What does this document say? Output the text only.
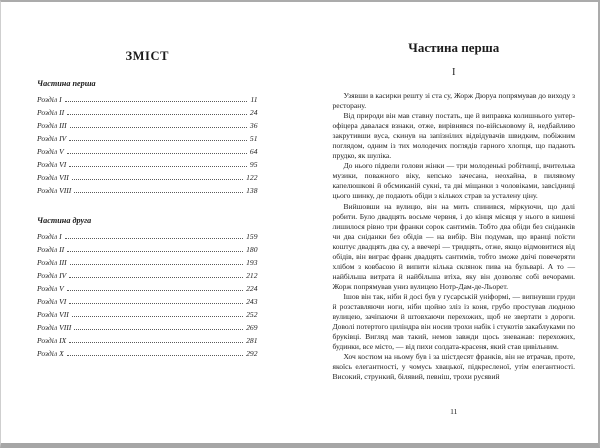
ЗМІСТ
Частина перша
Розділ I	11
Розділ II	24
Розділ III	36
Розділ IV	51
Розділ V	64
Розділ VI	95
Розділ VII	122
Розділ VIII	138
Частина друга
Розділ I	159
Розділ II	180
Розділ III	193
Розділ IV	212
Розділ V	224
Розділ VI	243
Розділ VII	252
Розділ VIII	269
Розділ IX	281
Розділ X	292
Частина перша
I

Узявши в касирки решту зі ста су, Жорж Дюруа попрямував до виходу з ресторану.

Від природи він мав ставну постать, ще й виправка колишнього унтер-офіцера давалася взнаки, отже, вирівнявся по-військовому й, недбайливо закрутивши вуса, скинув на запізнілих відвідувачів швидким, побіжним поглядом, одним із тих молодечих поглядів гарного хлопця, що падають прудко, як шуліка.

До нього підвели голови жінки — три молоденькі робітниці, вчителька музики, поважного віку, кепсько зачесана, неохайна, в пилявому капелюшкові й обсмиканій сукні, та дві міщанки з чоловіками, завсідниці цього шинку, де подають обіди з кількох страв за усталену ціну.

Вийшовши на вулицю, він на мить спинився, міркуючи, що далі робити. Було двадцять восьме червня, і до кінця місяця у нього в кишені лишилося рівно три франки сорок сантимів. Тобто два обіди без сніданків чи два сніданки без обідів — на вибір. Він подумав, що вранці поїсти коштує двадцять два су, а ввечері — тридцять, отже, якщо відмовитися від обідів, він виграє франк двадцять сантимів, тобто зможе двічі повечеряти хлібом з ковбасою й випити кілька склянок пива на бульварі. А то — найбільша витрата й найбільша втіха, яку він дозволяє собі вечорами. Жорж попрямував униз вулицею Нотр-Дам-де-Льорет.

Ішов він так, ніби й досі був у гусарській уніформі, — випнувши груди й розставляючи ноги, ніби щойно зліз із коня, грубо простував людною вулицею, зачіпаючи й штовхаючи перехожих, щоб не звертати з дороги. Доволі потертого циліндра він носив трохи набік і стукотів закаблуками по бруківці. Вигляд мав такий, немов завжди щось зневажав: перехожих, будинки, все місто, — від пихи солдата-красеня, який став цивільним.

Хоч костюм на ньому був і за шістдесят франків, він не втрачав, проте, якоїсь елегантності, у чомусь хвацької, підкресленої, утім елегантності. Високий, стрункий, білявий, певніш, трохи русявий

11
